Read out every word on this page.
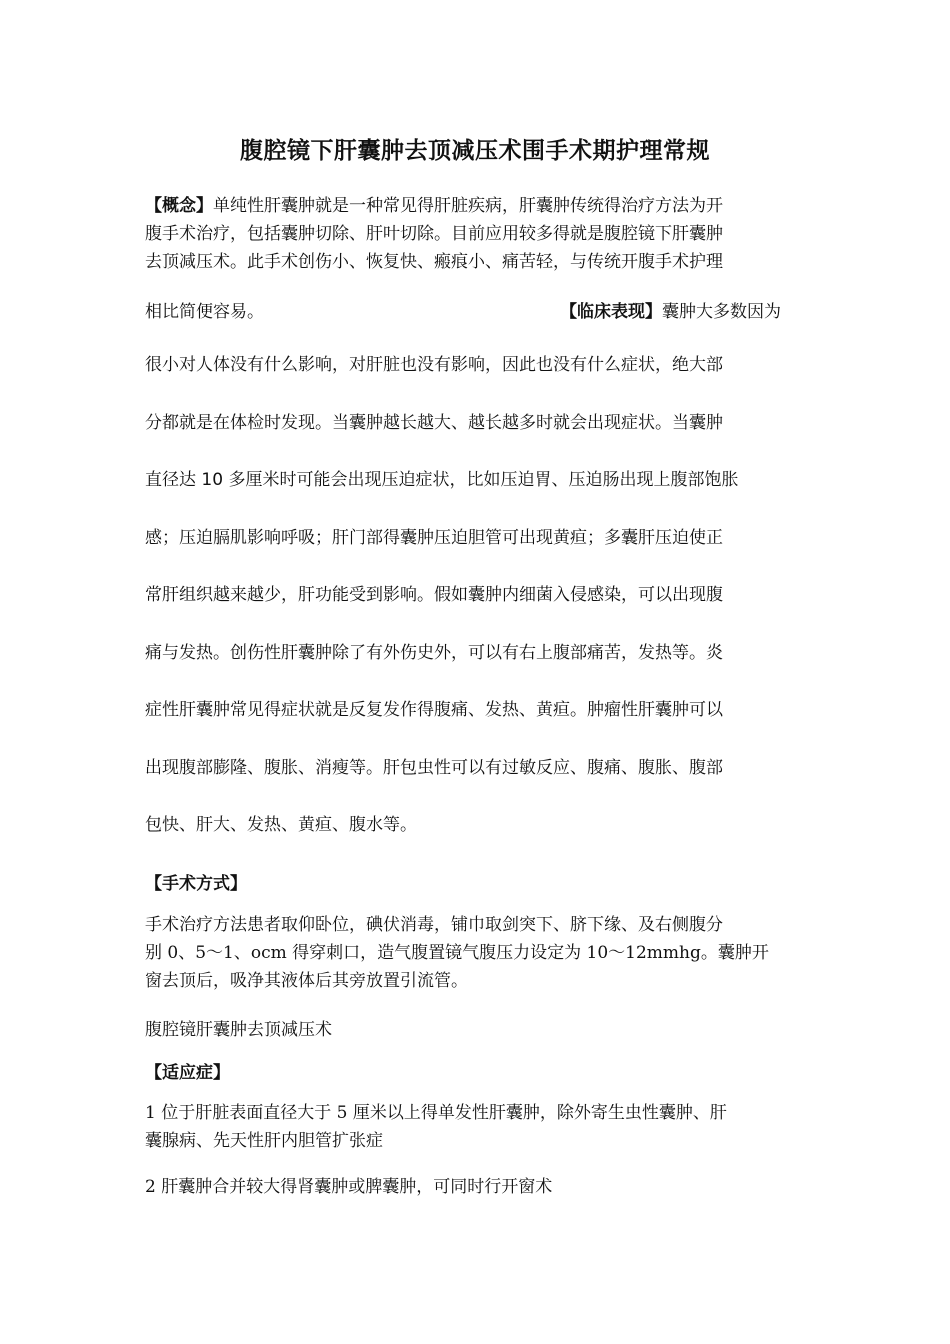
腹腔镜下肝囊肿去顶减压术围手术期护理常规
【概念】单纯性肝囊肿就是一种常见得肝脏疾病，肝囊肿传统得治疗方法为开
腹手术治疗，包括囊肿切除、肝叶切除。目前应用较多得就是腹腔镜下肝囊肿
去顶减压术。此手术创伤小、恢复快、瘢痕小、痛苦轻，与传统开腹手术护理
相比简便容易。	【临床表现】囊肿大多数因为
很小对人体没有什么影响，对肝脏也没有影响，因此也没有什么症状，绝大部
分都就是在体检时发现。当囊肿越长越大、越长越多时就会出现症状。当囊肿
直径达 10 多厘米时可能会出现压迫症状，比如压迫胃、压迫肠出现上腹部饱胀
感；压迫膈肌影响呼吸；肝门部得囊肿压迫胆管可出现黄疸；多囊肝压迫使正
常肝组织越来越少，肝功能受到影响。假如囊肿内细菌入侵感染，可以出现腹
痛与发热。创伤性肝囊肿除了有外伤史外，可以有右上腹部痛苦，发热等。炎
症性肝囊肿常见得症状就是反复发作得腹痛、发热、黄疸。肿瘤性肝囊肿可以
出现腹部膨隆、腹胀、消瘦等。肝包虫性可以有过敏反应、腹痛、腹胀、腹部
包快、肝大、发热、黄疸、腹水等。
【手术方式】
手术治疗方法患者取仰卧位，碘伏消毒，铺巾取剑突下、脐下缘、及右侧腹分
别 0、5～1、ocm 得穿刺口，造气腹置镜气腹压力设定为 10～12mmhg。囊肿开
窗去顶后，吸净其液体后其旁放置引流管。
腹腔镜肝囊肿去顶减压术
【适应症】
1 位于肝脏表面直径大于 5 厘米以上得单发性肝囊肿，除外寄生虫性囊肿、肝
囊腺病、先天性肝内胆管扩张症
2 肝囊肿合并较大得肾囊肿或脾囊肿，可同时行开窗术
